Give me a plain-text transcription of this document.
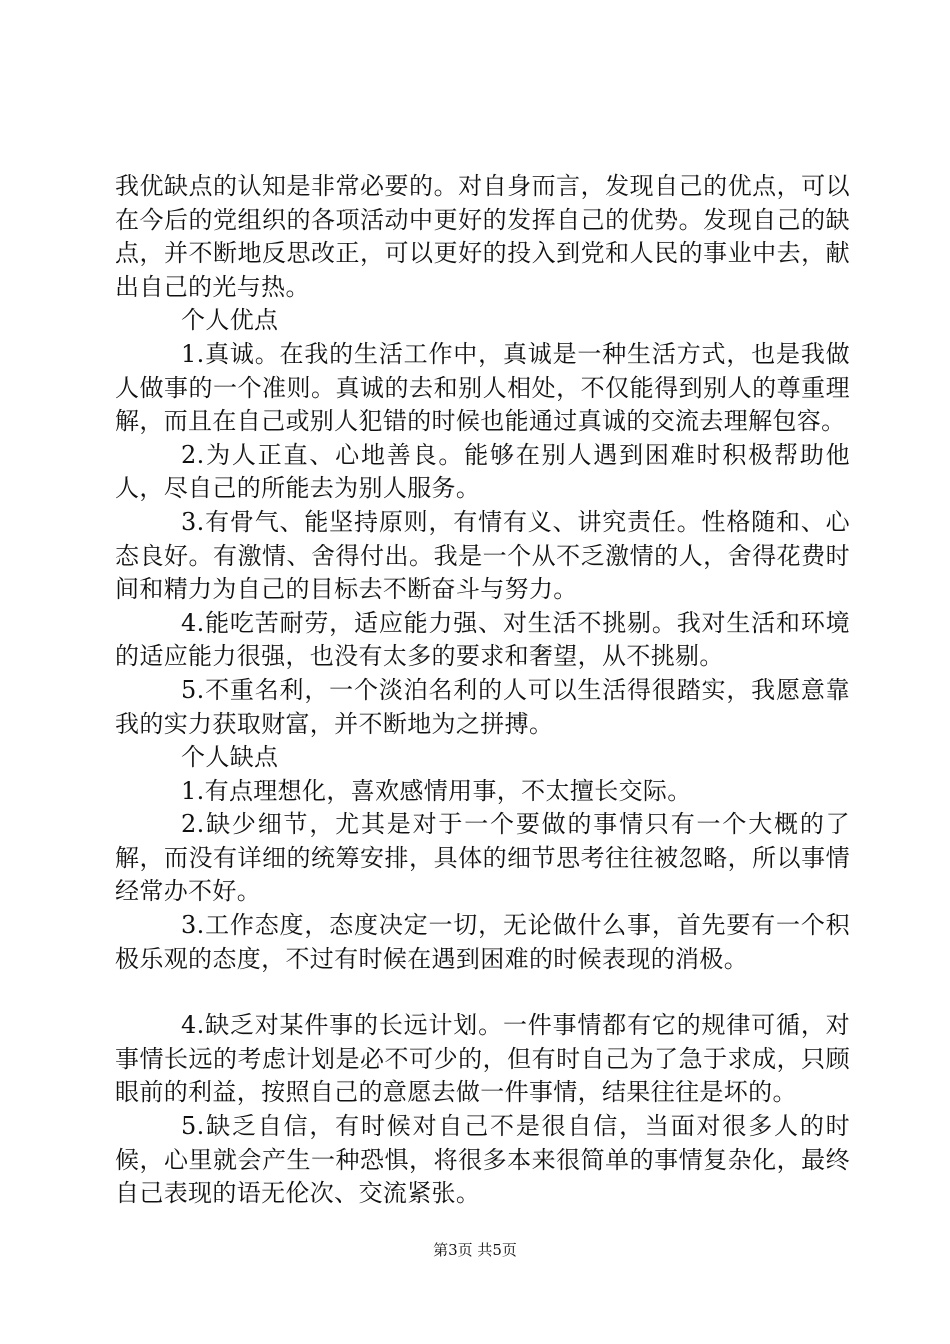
我优缺点的认知是非常必要的。对自身而言，发现自己的优点，可以在今后的党组织的各项活动中更好的发挥自己的优势。发现自己的缺点，并不断地反思改正，可以更好的投入到党和人民的事业中去，献出自己的光与热。

个人优点

1.真诚。在我的生活工作中，真诚是一种生活方式，也是我做人做事的一个准则。真诚的去和别人相处，不仅能得到别人的尊重理解，而且在自己或别人犯错的时候也能通过真诚的交流去理解包容。

2.为人正直、心地善良。能够在别人遇到困难时积极帮助他人，尽自己的所能去为别人服务。

3.有骨气、能坚持原则，有情有义、讲究责任。性格随和、心态良好。有激情、舍得付出。我是一个从不乏激情的人，舍得花费时间和精力为自己的目标去不断奋斗与努力。

4.能吃苦耐劳，适应能力强、对生活不挑剔。我对生活和环境的适应能力很强，也没有太多的要求和奢望，从不挑剔。

5.不重名利，一个淡泊名利的人可以生活得很踏实，我愿意靠我的实力获取财富，并不断地为之拼搏。

个人缺点

1.有点理想化，喜欢感情用事，不太擅长交际。

2.缺少细节，尤其是对于一个要做的事情只有一个大概的了解，而没有详细的统筹安排，具体的细节思考往往被忽略，所以事情经常办不好。

3.工作态度，态度决定一切，无论做什么事，首先要有一个积极乐观的态度，不过有时候在遇到困难的时候表现的消极。

4.缺乏对某件事的长远计划。一件事情都有它的规律可循，对事情长远的考虑计划是必不可少的，但有时自己为了急于求成，只顾眼前的利益，按照自己的意愿去做一件事情，结果往往是坏的。

5.缺乏自信，有时候对自己不是很自信，当面对很多人的时候，心里就会产生一种恐惧，将很多本来很简单的事情复杂化，最终自己表现的语无伦次、交流紧张。

第3页 共5页
